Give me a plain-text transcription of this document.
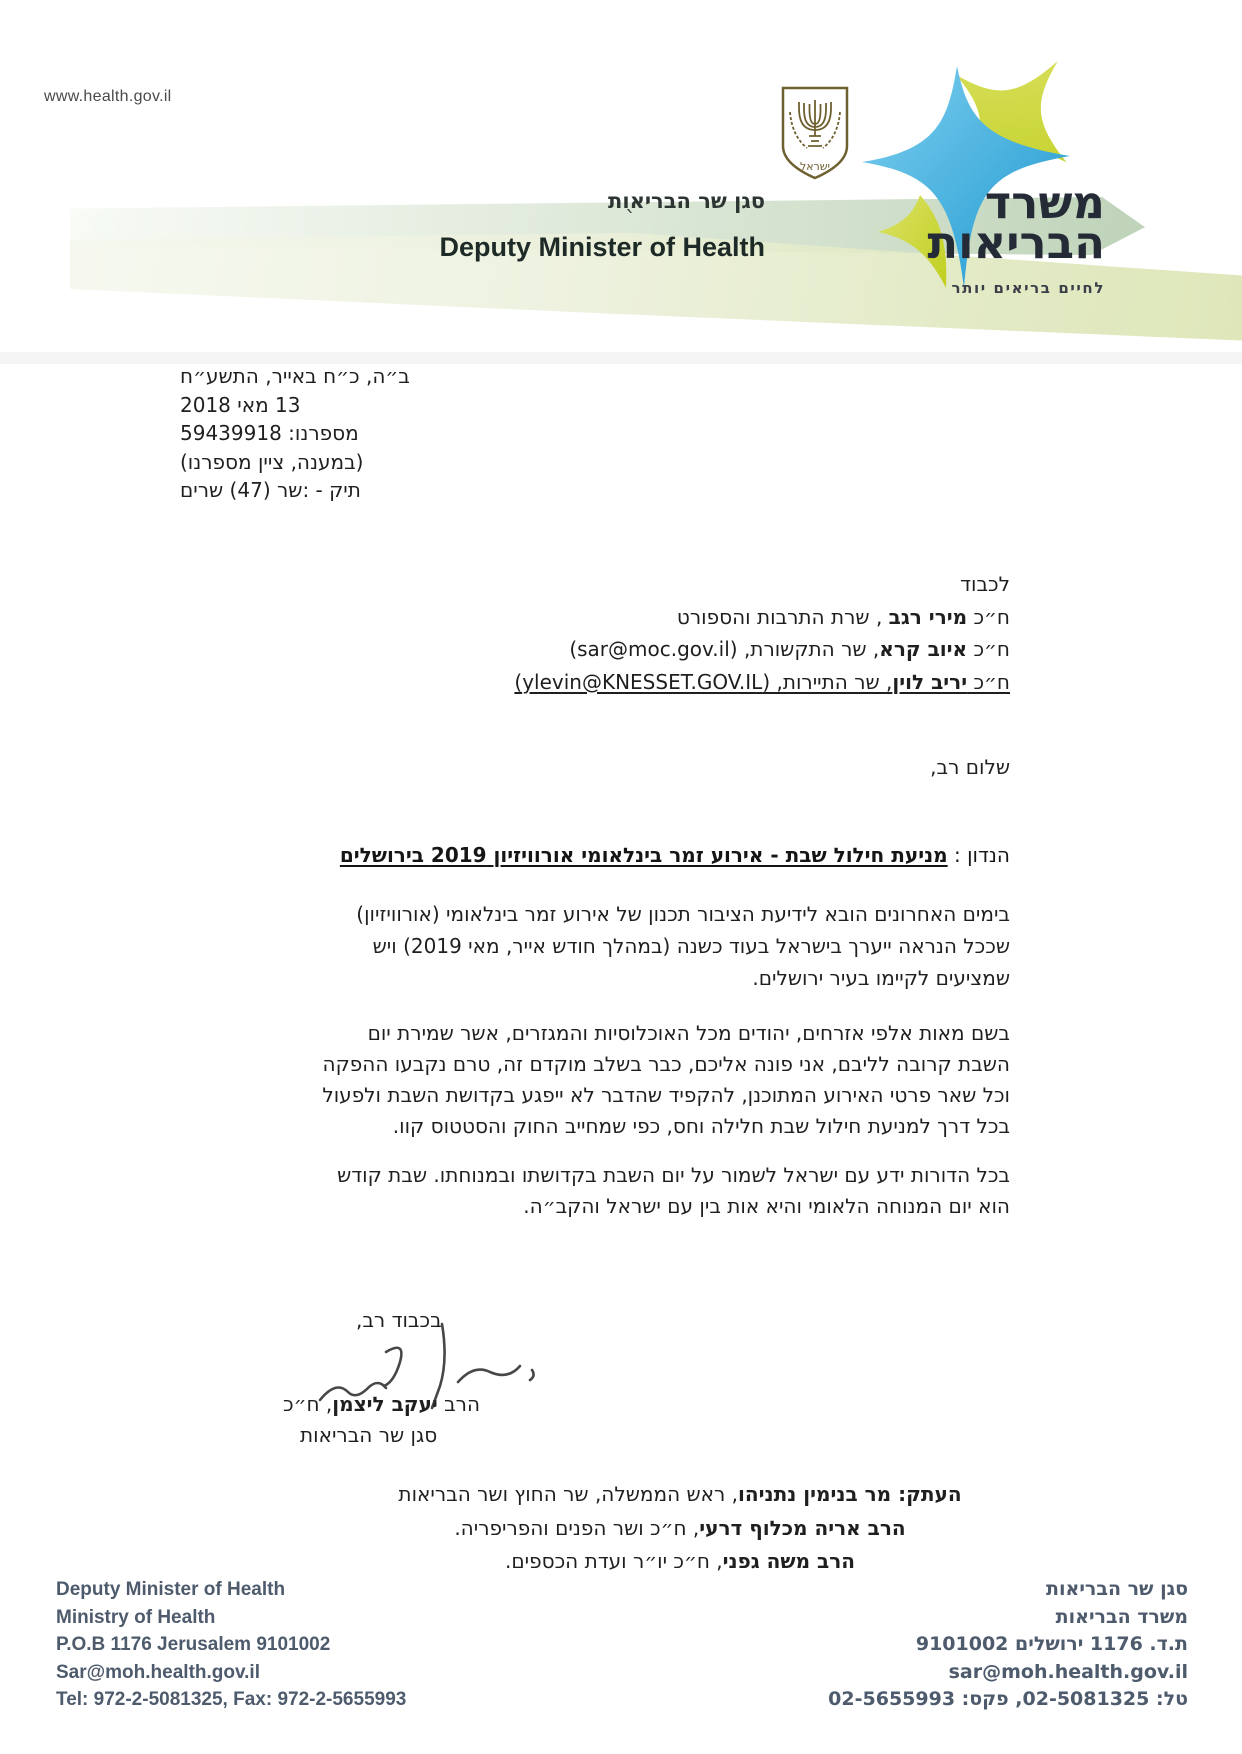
www.health.gov.il
ישראל
משרד
הבריאות
לחיים בריאים יותר
סגן שר הבריאות
`
Deputy Minister of Health
ב״ה, כ״ח באייר, התשע״ח
13 מאי 2018
מספרנו: 59439918
(במענה, ציין מספרנו)
תיק - :שר (47) שרים
לכבוד
ח״כ מירי רגב , שרת התרבות והספורט
ח״כ איוב קרא, שר התקשורת, (sar@moc.gov.il)
ח״כ יריב לוין, שר התיירות, (ylevin@KNESSET.GOV.IL)
שלום רב,
הנדון : מניעת חילול שבת - אירוע זמר בינלאומי אורוויזיון 2019 בירושלים
בימים האחרונים הובא לידיעת הציבור תכנון של אירוע זמר בינלאומי (אורוויזיון)
שככל הנראה ייערך בישראל בעוד כשנה (במהלך חודש אייר, מאי 2019) ויש
שמציעים לקיימו בעיר ירושלים.
בשם מאות אלפי אזרחים, יהודים מכל האוכלוסיות והמגזרים, אשר שמירת יום
השבת קרובה לליבם, אני פונה אליכם, כבר בשלב מוקדם זה, טרם נקבעו ההפקה
וכל שאר פרטי האירוע המתוכנן, להקפיד שהדבר לא ייפגע בקדושת השבת ולפעול
בכל דרך למניעת חילול שבת חלילה וחס, כפי שמחייב החוק והסטטוס קוו.
בכל הדורות ידע עם ישראל לשמור על יום השבת בקדושתו ובמנוחתו. שבת קודש
הוא יום המנוחה הלאומי והיא אות בין עם ישראל והקב״ה.
בכבוד רב,
הרב יעקב ליצמן, ח״כ
סגן שר הבריאות
העתק: מר בנימין נתניהו, ראש הממשלה, שר החוץ ושר הבריאות
הרב אריה מכלוף דרעי, ח״כ ושר הפנים והפריפריה.
הרב משה גפני, ח״כ יו״ר ועדת הכספים.
Deputy Minister of Health
Ministry of Health
P.O.B 1176 Jerusalem 9101002
Sar@moh.health.gov.il
Tel: 972-2-5081325, Fax: 972-2-5655993
סגן שר הבריאות
משרד הבריאות
ת.ד. 1176 ירושלים 9101002
sar@moh.health.gov.il
טל: 02-5081325, פקס: 02-5655993
